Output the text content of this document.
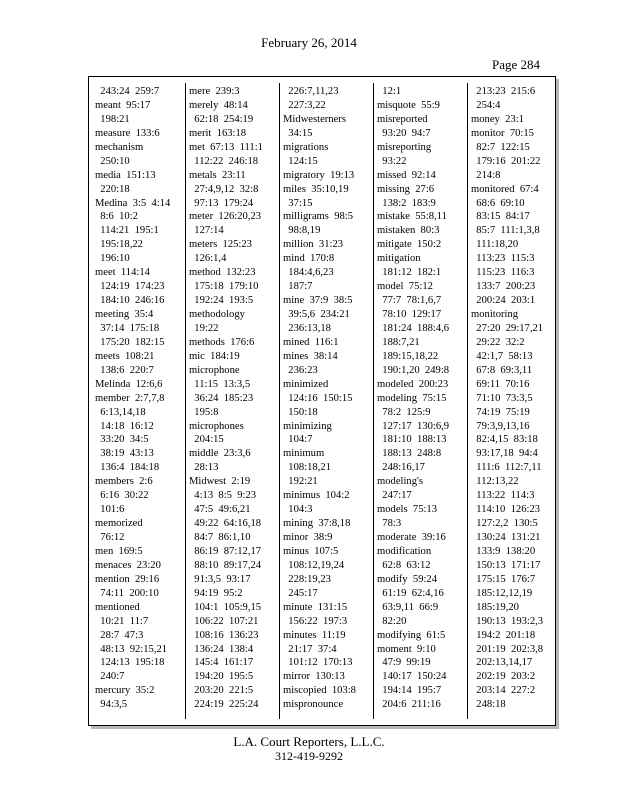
February 26, 2014
Page 284
243:24  259:7
meant  95:17
198:21
measure  133:6
mechanism
250:10
media  151:13
220:18
Medina  3:5  4:14
8:6  10:2
114:21  195:1
195:18,22
196:10
meet  114:14
124:19  174:23
184:10  246:16
meeting  35:4
37:14  175:18
175:20  182:15
meets  108:21
138:6  220:7
Melinda  12:6,6
member  2:7,7,8
6:13,14,18
14:18  16:12
33:20  34:5
38:19  43:13
136:4  184:18
members  2:6
6:16  30:22
101:6
memorized
76:12
men  169:5
menaces  23:20
mention  29:16
74:11  200:10
mentioned
10:21  11:7
28:7  47:3
48:13  92:15,21
124:13  195:18
240:7
mercury  35:2
94:3,5
mere  239:3
merely  48:14
62:18  254:19
merit  163:18
met  67:13  111:1
112:22  246:18
metals  23:11
27:4,9,12  32:8
97:13  179:24
meter  126:20,23
127:14
meters  125:23
126:1,4
method  132:23
175:18  179:10
192:24  193:5
methodology
19:22
methods  176:6
mic  184:19
microphone
11:15  13:3,5
36:24  185:23
195:8
microphones
204:15
middle  23:3,6
28:13
Midwest  2:19
4:13  8:5  9:23
47:5  49:6,21
49:22  64:16,18
84:7  86:1,10
86:19  87:12,17
88:10  89:17,24
91:3,5  93:17
94:19  95:2
104:1  105:9,15
106:22  107:21
108:16  136:23
136:24  138:4
145:4  161:17
194:20  195:5
203:20  221:5
224:19  225:24
226:7,11,23
227:3,22
Midwesterners
34:15
migrations
124:15
migratory  19:13
miles  35:10,19
37:15
milligrams  98:5
98:8,19
million  31:23
mind  170:8
184:4,6,23
187:7
mine  37:9  38:5
39:5,6  234:21
236:13,18
mined  116:1
mines  38:14
236:23
minimized
124:16  150:15
150:18
minimizing
104:7
minimum
108:18,21
192:21
minimus  104:2
104:3
mining  37:8,18
minor  38:9
minus  107:5
108:12,19,24
228:19,23
245:17
minute  131:15
156:22  197:3
minutes  11:19
21:17  37:4
101:12  170:13
mirror  130:13
miscopied  103:8
mispronounce
12:1
misquote  55:9
misreported
93:20  94:7
misreporting
93:22
missed  92:14
missing  27:6
138:2  183:9
mistake  55:8,11
mistaken  80:3
mitigate  150:2
mitigation
181:12  182:1
model  75:12
77:7  78:1,6,7
78:10  129:17
181:24  188:4,6
188:7,21
189:15,18,22
190:1,20  249:8
modeled  200:23
modeling  75:15
78:2  125:9
127:17  130:6,9
181:10  188:13
188:13  248:8
248:16,17
modeling's
247:17
models  75:13
78:3
moderate  39:16
modification
62:8  63:12
modify  59:24
61:19  62:4,16
63:9,11  66:9
82:20
modifying  61:5
moment  9:10
47:9  99:19
140:17  150:24
194:14  195:7
204:6  211:16
213:23  215:6
254:4
money  23:1
monitor  70:15
82:7  122:15
179:16  201:22
214:8
monitored  67:4
68:6  69:10
83:15  84:17
85:7  111:1,3,8
111:18,20
113:23  115:3
115:23  116:3
133:7  200:23
200:24  203:1
monitoring
27:20  29:17,21
29:22  32:2
42:1,7  58:13
67:8  69:3,11
69:11  70:16
71:10  73:3,5
74:19  75:19
79:3,9,13,16
82:4,15  83:18
93:17,18  94:4
111:6  112:7,11
112:13,22
113:22  114:3
114:10  126:23
127:2,2  130:5
130:24  131:21
133:9  138:20
150:13  171:17
175:15  176:7
185:12,12,19
185:19,20
190:13  193:2,3
194:2  201:18
201:19  202:3,8
202:13,14,17
202:19  203:2
203:14  227:2
248:18
L.A. Court Reporters, L.L.C.
312-419-9292
